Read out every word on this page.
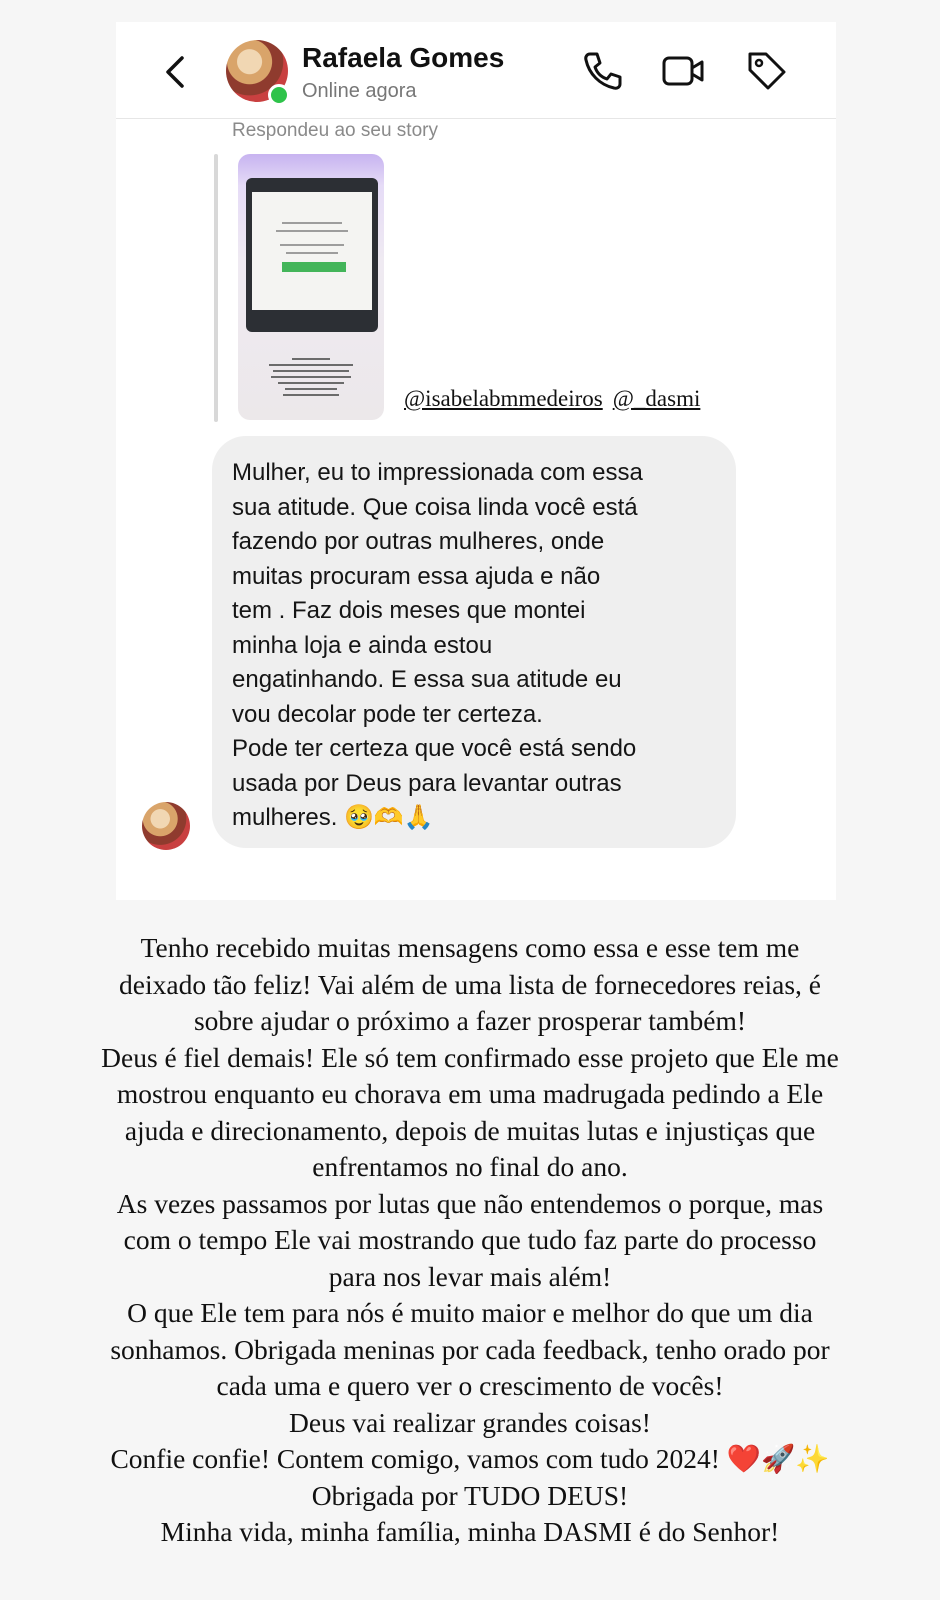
Rafaela Gomes
Online agora
Respondeu ao seu story
@isabelabmmedeiros @_dasmi
Mulher, eu to impressionada com essa
sua atitude. Que coisa linda você está
fazendo por outras mulheres, onde
muitas procuram essa ajuda e não
tem . Faz dois meses que montei
minha loja e ainda estou
engatinhando. E essa sua atitude eu
vou decolar pode ter certeza.
Pode ter certeza que você está sendo
usada por Deus para levantar outras
mulheres. 🥹🫶🙏
Tenho recebido muitas mensagens como essa e esse tem me
deixado tão feliz! Vai além de uma lista de fornecedores reias, é
sobre ajudar o próximo a fazer prosperar também!
Deus é fiel demais! Ele só tem confirmado esse projeto que Ele me
mostrou enquanto eu chorava em uma madrugada pedindo a Ele
ajuda e direcionamento, depois de muitas lutas e injustiças que
enfrentamos no final do ano.
As vezes passamos por lutas que não entendemos o porque, mas
com o tempo Ele vai mostrando que tudo faz parte do processo
para nos levar mais além!
O que Ele tem para nós é muito maior e melhor do que um dia
sonhamos. Obrigada meninas por cada feedback, tenho orado por
cada uma e quero ver o crescimento de vocês!
Deus vai realizar grandes coisas!
Confie confie! Contem comigo, vamos com tudo 2024! ❤️🚀✨
Obrigada por TUDO DEUS!
Minha vida, minha família, minha DASMI é do Senhor!
